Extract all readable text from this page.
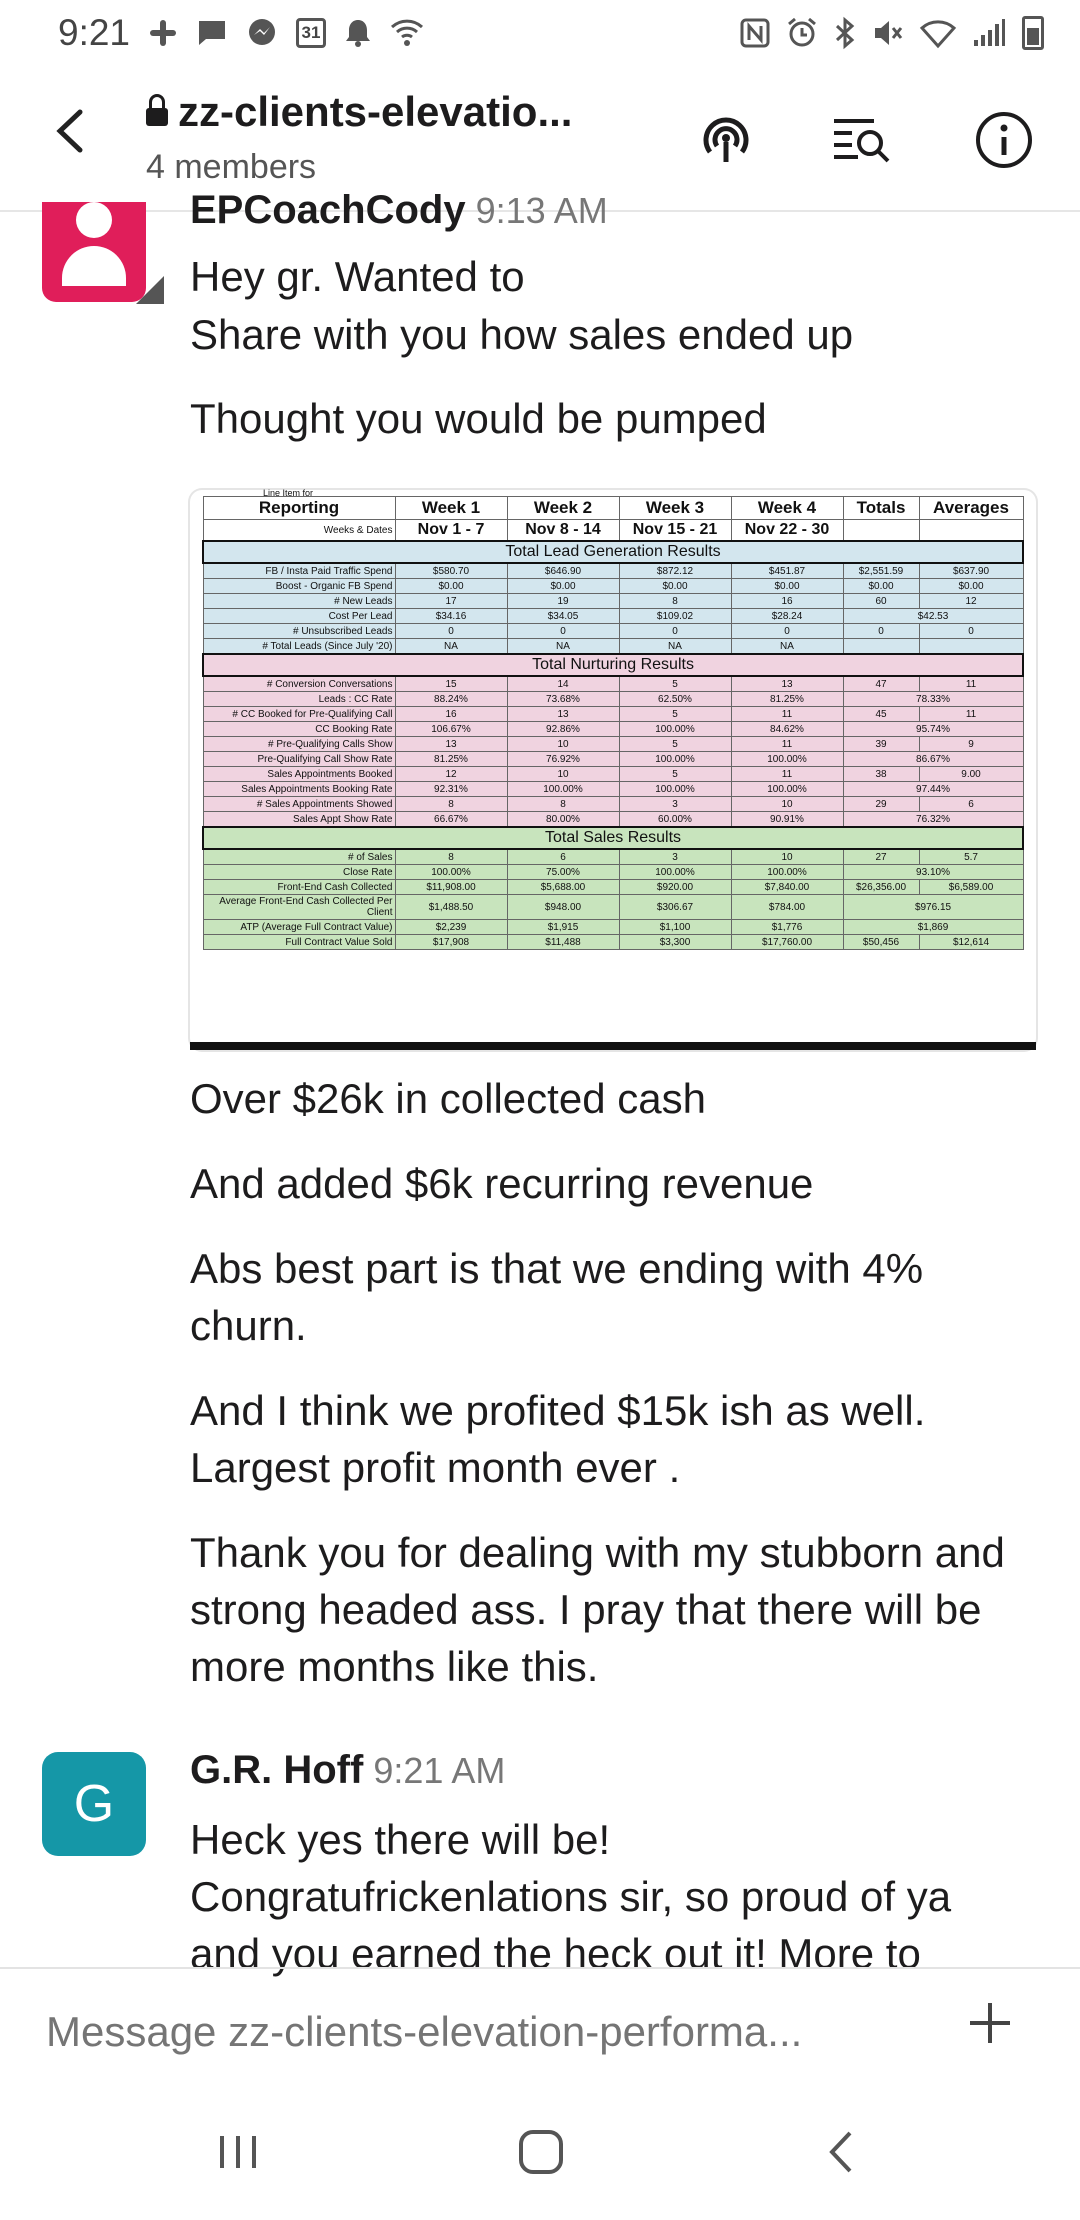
9:21	31
zz-clients-elevatio...
4 members
EPCoachCody 9:13 AM
Hey gr. Wanted to
Share with you how sales ended up
Thought you would be pumped
Line Item for						
Reporting	Week 1	Week 2	Week 3	Week 4	Totals	Averages
Weeks & Dates	Nov 1 - 7	Nov 8 - 14	Nov 15 - 21	Nov 22 - 30		
Total Lead Generation Results						
FB / Insta Paid Traffic Spend	$580.70	$646.90	$872.12	$451.87	$2,551.59	$637.90
Boost - Organic FB Spend	$0.00	$0.00	$0.00	$0.00	$0.00	$0.00
# New Leads	17	19	8	16	60	12
Cost Per Lead	$34.16	$34.05	$109.02	$28.24	$42.53	
# Unsubscribed Leads	0	0	0	0	0	0
# Total Leads (Since July '20)	NA	NA	NA	NA		
Total Nurturing Results						
# Conversion Conversations	15	14	5	13	47	11
Leads : CC Rate	88.24%	73.68%	62.50%	81.25%	78.33%	
# CC Booked for Pre-Qualifying Call	16	13	5	11	45	11
CC Booking Rate	106.67%	92.86%	100.00%	84.62%	95.74%	
# Pre-Qualifying Calls Show	13	10	5	11	39	9
Pre-Qualifying Call Show Rate	81.25%	76.92%	100.00%	100.00%	86.67%	
Sales Appointments Booked	12	10	5	11	38	9.00
Sales Appointments Booking Rate	92.31%	100.00%	100.00%	100.00%	97.44%	
# Sales Appointments Showed	8	8	3	10	29	6
Sales Appt Show Rate	66.67%	80.00%	60.00%	90.91%	76.32%	
Total Sales Results						
# of Sales	8	6	3	10	27	5.7
Close Rate	100.00%	75.00%	100.00%	100.00%	93.10%	
Front-End Cash Collected	$11,908.00	$5,688.00	$920.00	$7,840.00	$26,356.00	$6,589.00
Average Front-End Cash Collected Per Client	$1,488.50	$948.00	$306.67	$784.00	$976.15	
ATP (Average Full Contract Value)	$2,239	$1,915	$1,100	$1,776	$1,869	
Full Contract Value Sold	$17,908	$11,488	$3,300	$17,760.00	$50,456	$12,614
Over $26k in collected cash
And added $6k recurring revenue
Abs best part is that we ending with 4% churn.
And I think we profited $15k ish as well. Largest profit month ever .
Thank you for dealing with my stubborn and strong headed ass. I pray that there will be more months like this.
G
G.R. Hoff 9:21 AM
Heck yes there will be! Congratufrickenlations sir, so proud of ya and you earned the heck out it! More to
Message zz-clients-elevation-performa...
